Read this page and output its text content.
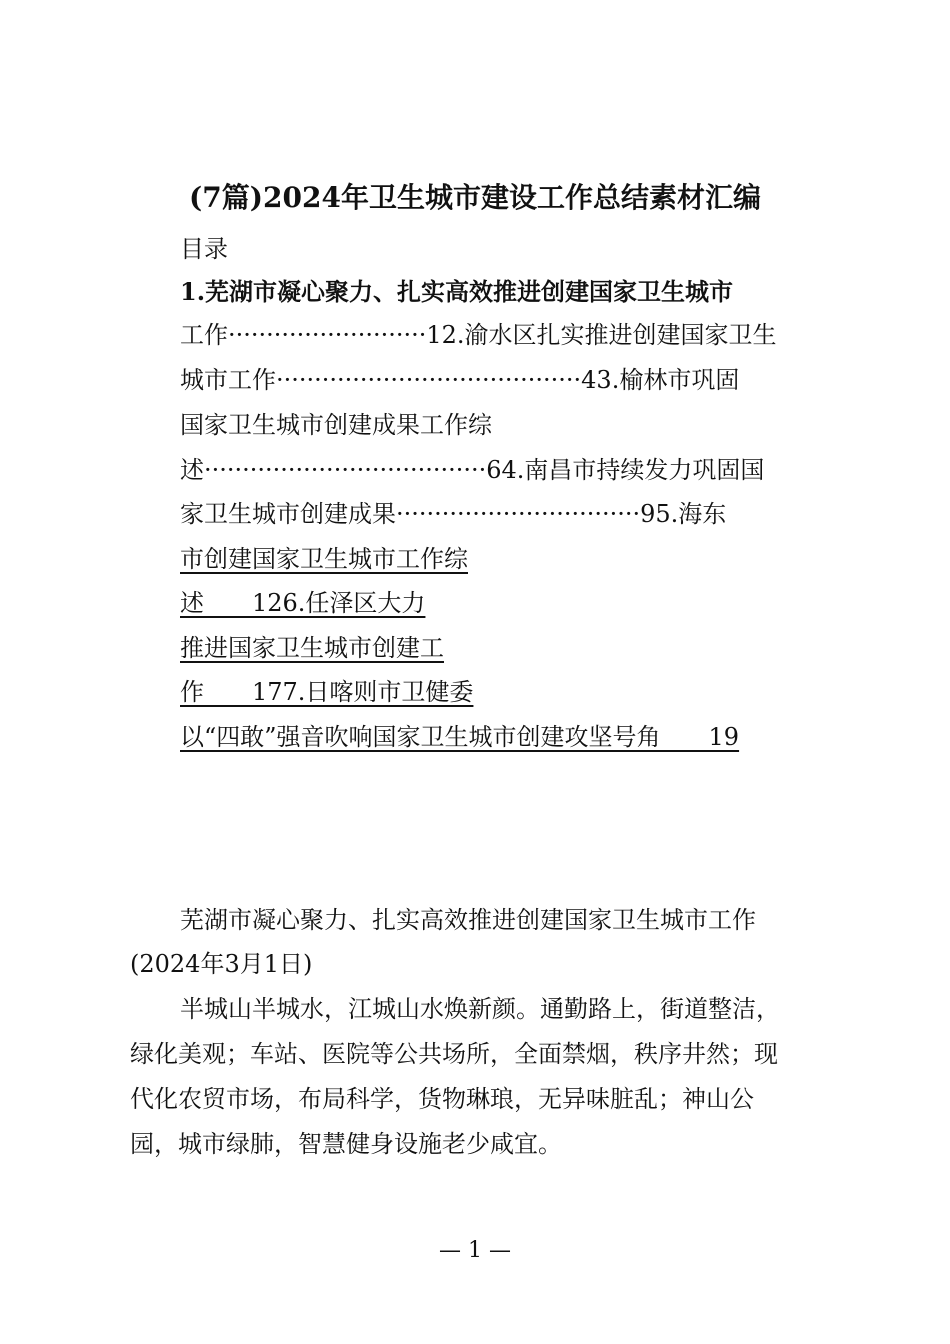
(7篇)2024年卫生城市建设工作总结素材汇编
目录
1.芜湖市凝心聚力、扎实高效推进创建国家卫生城市
工作··························12.渝水区扎实推进创建国家卫生
城市工作········································43.榆林市巩固
国家卫生城市创建成果工作综
述·····································64.南昌市持续发力巩固国
家卫生城市创建成果································95.海东
市创建国家卫生城市工作综
述　　126.任泽区大力
推进国家卫生城市创建工
作　　177.日喀则市卫健委
以“四敢”强音吹响国家卫生城市创建攻坚号角　　19
芜湖市凝心聚力、扎实高效推进创建国家卫生城市工作
(2024年3月1日)
半城山半城水，江城山水焕新颜。通勤路上，街道整洁，
绿化美观；车站、医院等公共场所，全面禁烟，秩序井然；现
代化农贸市场，布局科学，货物琳琅，无异味脏乱；神山公
园，城市绿肺，智慧健身设施老少咸宜。
— 1 —
